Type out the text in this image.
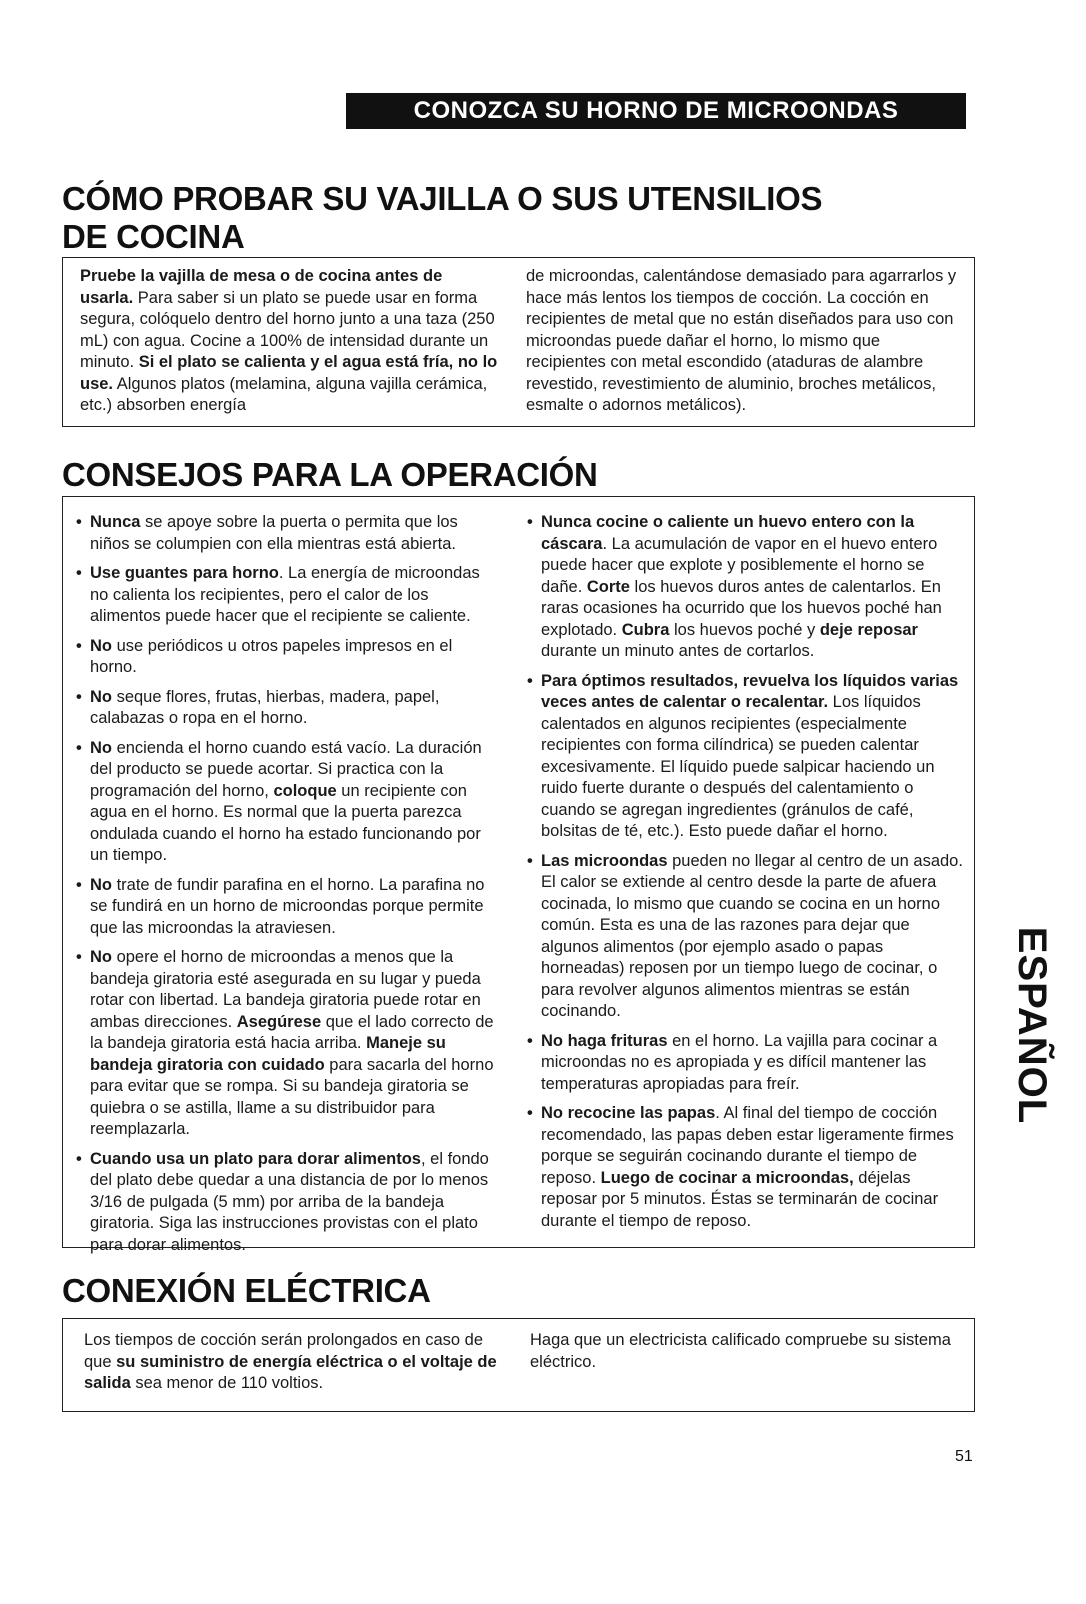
CONOZCA SU HORNO DE MICROONDAS
CÓMO PROBAR SU VAJILLA O SUS UTENSILIOS
DE COCINA

Pruebe la vajilla de mesa o de cocina antes de usarla. Para saber si un plato se puede usar en forma segura, colóquelo dentro del horno junto a una taza (250 mL) con agua. Cocine a 100% de intensidad durante un minuto. Si el plato se calienta y el agua está fría, no lo use. Algunos platos (melamina, alguna vajilla cerámica, etc.) absorben energía

de microondas, calentándose demasiado para agarrarlos y hace más lentos los tiempos de cocción. La cocción en recipientes de metal que no están diseñados para uso con microondas puede dañar el horno, lo mismo que recipientes con metal escondido (ataduras de alambre revestido, revestimiento de aluminio, broches metálicos, esmalte o adornos metálicos).

CONSEJOS PARA LA OPERACIÓN
• Nunca se apoye sobre la puerta o permita que los niños se columpien con ella mientras está abierta.
• Use guantes para horno. La energía de microondas no calienta los recipientes, pero el calor de los alimentos puede hacer que el recipiente se caliente.
• No use periódicos u otros papeles impresos en el horno.
• No seque flores, frutas, hierbas, madera, papel, calabazas o ropa en el horno.
• No encienda el horno cuando está vacío. La duración del producto se puede acortar. Si practica con la programación del horno, coloque un recipiente con agua en el horno. Es normal que la puerta parezca ondulada cuando el horno ha estado funcionando por un tiempo.
• No trate de fundir parafina en el horno. La parafina no se fundirá en un horno de microondas porque permite que las microondas la atraviesen.
• No opere el horno de microondas a menos que la bandeja giratoria esté asegurada en su lugar y pueda rotar con libertad. La bandeja giratoria puede rotar en ambas direcciones. Asegúrese que el lado correcto de la bandeja giratoria está hacia arriba. Maneje su bandeja giratoria con cuidado para sacarla del horno para evitar que se rompa. Si su bandeja giratoria se quiebra o se astilla, llame a su distribuidor para reemplazarla.
• Cuando usa un plato para dorar alimentos, el fondo del plato debe quedar a una distancia de por lo menos 3/16 de pulgada (5 mm) por arriba de la bandeja giratoria. Siga las instrucciones provistas con el plato para dorar alimentos.
• Nunca cocine o caliente un huevo entero con la cáscara. La acumulación de vapor en el huevo entero puede hacer que explote y posiblemente el horno se dañe. Corte los huevos duros antes de calentarlos. En raras ocasiones ha ocurrido que los huevos poché han explotado. Cubra los huevos poché y deje reposar durante un minuto antes de cortarlos.
• Para óptimos resultados, revuelva los líquidos varias veces antes de calentar o recalentar. Los líquidos calentados en algunos recipientes (especialmente recipientes con forma cilíndrica) se pueden calentar excesivamente. El líquido puede salpicar haciendo un ruido fuerte durante o después del calentamiento o cuando se agregan ingredientes (gránulos de café, bolsitas de té, etc.). Esto puede dañar el horno.
• Las microondas pueden no llegar al centro de un asado. El calor se extiende al centro desde la parte de afuera cocinada, lo mismo que cuando se cocina en un horno común. Esta es una de las razones para dejar que algunos alimentos (por ejemplo asado o papas horneadas) reposen por un tiempo luego de cocinar, o para revolver algunos alimentos mientras se están cocinando.
• No haga frituras en el horno. La vajilla para cocinar a microondas no es apropiada y es difícil mantener las temperaturas apropiadas para freír.
• No recocine las papas. Al final del tiempo de cocción recomendado, las papas deben estar ligeramente firmes porque se seguirán cocinando durante el tiempo de reposo. Luego de cocinar a microondas, déjelas reposar por 5 minutos. Éstas se terminarán de cocinar durante el tiempo de reposo.
CONEXIÓN ELÉCTRICA

Los tiempos de cocción serán prolongados en caso de que su suministro de energía eléctrica o el voltaje de salida sea menor de 110 voltios.

Haga que un electricista calificado compruebe su sistema eléctrico.

ESPAÑOL
51
